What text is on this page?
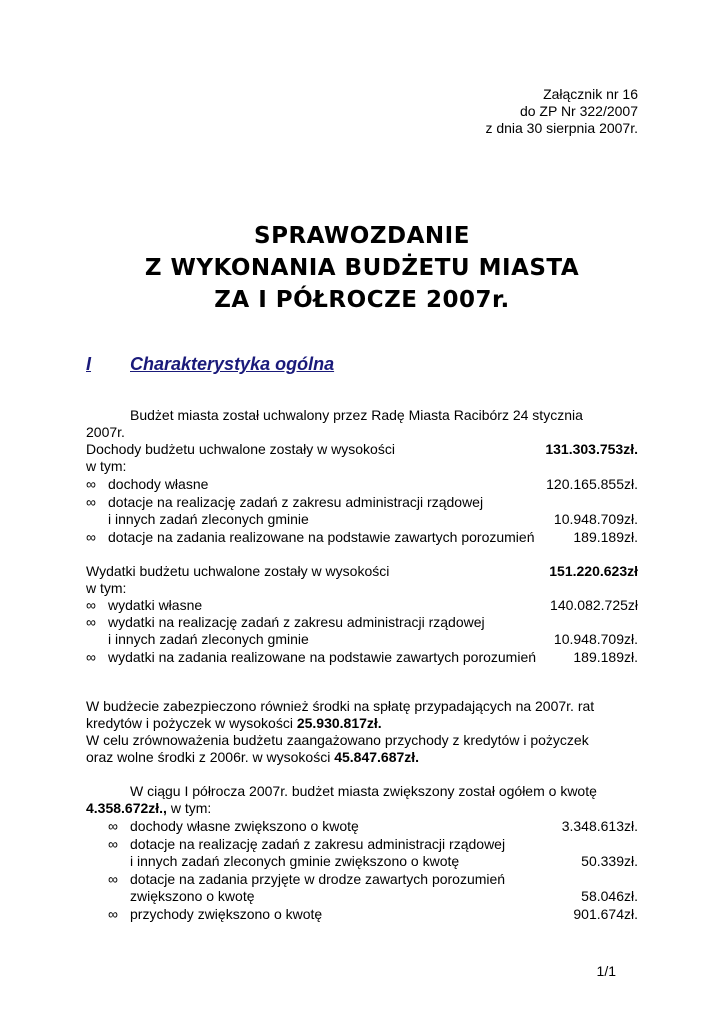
Załącznik nr 16
do ZP Nr 322/2007
z dnia 30 sierpnia 2007r.
SPRAWOZDANIE
Z WYKONANIA BUDŻETU MIASTA
ZA I PÓŁROCZE 2007r.
I Charakterystyka ogólna
Budżet miasta został uchwalony przez Radę Miasta Racibórz 24 stycznia
2007r.
Dochody budżetu uchwalone zostały w wysokości	131.303.753zł.
w tym:
∞ dochody własne	120.165.855zł.
∞ dotacje na realizację zadań z zakresu administracji rządowej
i innych zadań zleconych gminie	10.948.709zł.
∞ dotacje na zadania realizowane na podstawie zawartych porozumień	189.189zł.
Wydatki budżetu uchwalone zostały w wysokości	151.220.623zł
w tym:
∞ wydatki własne	140.082.725zł
∞ wydatki na realizację zadań z zakresu administracji rządowej
i innych zadań zleconych gminie	10.948.709zł.
∞ wydatki na zadania realizowane na podstawie zawartych porozumień	189.189zł.
W budżecie zabezpieczono również środki na spłatę przypadających na 2007r. rat
kredytów i pożyczek w wysokości 25.930.817zł.
W celu zrównoważenia budżetu zaangażowano przychody z kredytów i pożyczek
oraz wolne środki z 2006r. w wysokości 45.847.687zł.
W ciągu I półrocza 2007r. budżet miasta zwiększony został ogółem o kwotę
4.358.672zł., w tym:
∞ dochody własne zwiększono o kwotę	3.348.613zł.
∞ dotacje na realizację zadań z zakresu administracji rządowej
i innych zadań zleconych gminie zwiększono o kwotę	50.339zł.
∞ dotacje na zadania przyjęte w drodze zawartych porozumień
zwiększono o kwotę	58.046zł.
∞ przychody zwiększono o kwotę	901.674zł.
1/1
